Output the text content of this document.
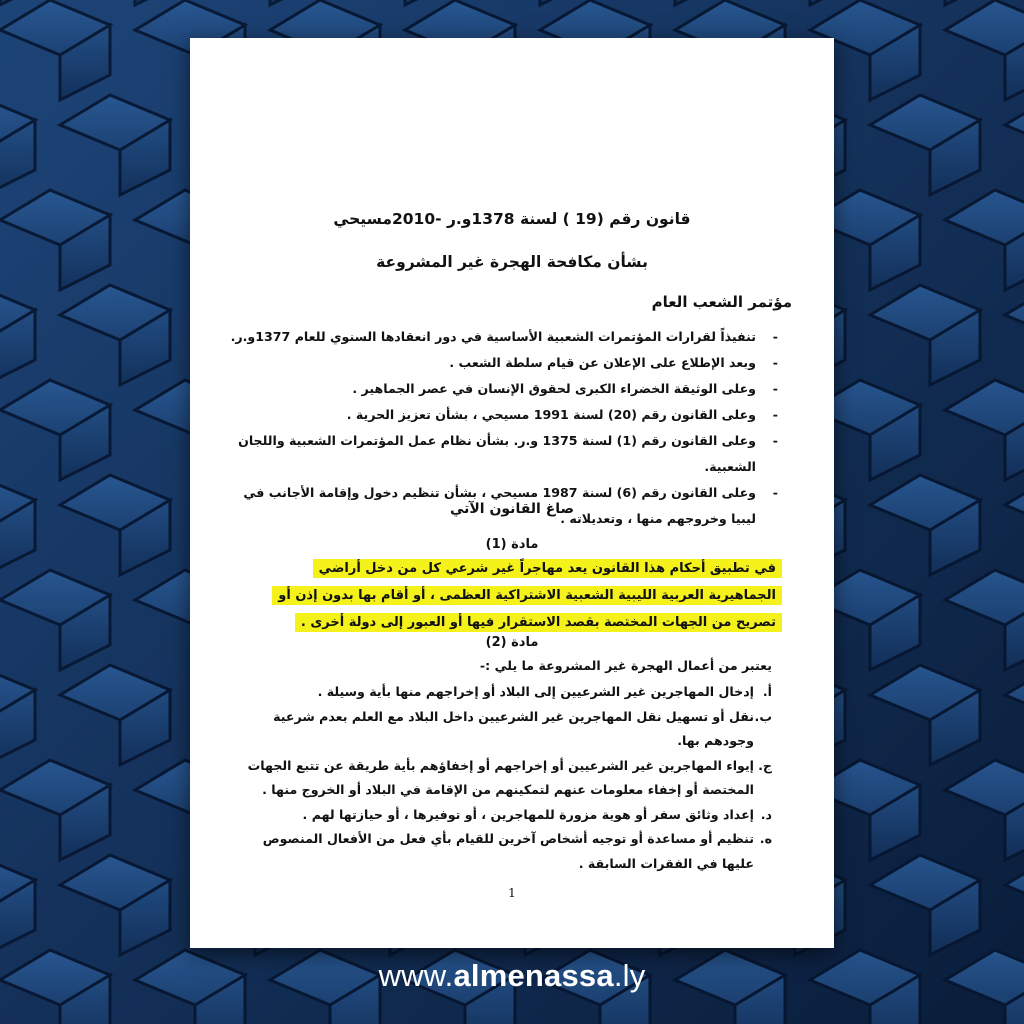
قانون رقم (19 ) لسنة 1378و.ر -2010مسيحي
بشأن مكافحة الهجرة غير المشروعة
مؤتمر الشعب العام
- تنفيذاً لقرارات المؤتمرات الشعبية الأساسية في دور انعقادها السنوي للعام 1377و.ر.
- وبعد الإطلاع على الإعلان عن قيام سلطة الشعب .
- وعلى الوثيقة الخضراء الكبرى لحقوق الإنسان في عصر الجماهير .
- وعلى القانون رقم (20) لسنة 1991 مسيحي ، بشأن تعزيز الحرية .
- وعلى القانون رقم (1) لسنة 1375 و.ر. بشأن نظام عمل المؤتمرات الشعبية واللجان الشعبية.
- وعلى القانون رقم (6) لسنة 1987 مسيحي ، بشأن تنظيم دخول وإقامة الأجانب في ليبيا وخروجهم منها ، وتعديلاته .
صاغ القانون الآتي
مادة (1)
في تطبيق أحكام هذا القانون يعد مهاجراً غير شرعي كل من دخل أراضي الجماهيرية العربية الليبية الشعبية الاشتراكية العظمى ، أو أقام بها بدون إذن أو تصريح من الجهات المختصة بقصد الاستقرار فيها أو العبور إلى دولة أخرى .
مادة (2)
يعتبر من أعمال الهجرة غير المشروعة ما يلي :-
أ.
إدخال المهاجرين غير الشرعيين إلى البلاد أو إخراجهم منها بأية وسيلة .
ب.
نقل أو تسهيل نقل المهاجرين غير الشرعيين داخل البلاد مع العلم بعدم شرعية وجودهم بها.
ج.
إيواء المهاجرين غير الشرعيين أو إخراجهم أو إخفاؤهم بأية طريقة عن تتبع الجهات المختصة أو إخفاء معلومات عنهم لتمكينهم من الإقامة في البلاد أو الخروج منها .
د.
إعداد وثائق سفر أو هوية مزورة للمهاجرين ، أو توفيرها ، أو حيازتها لهم .
ه.
تنظيم أو مساعدة أو توجيه أشخاص آخرين للقيام بأي فعل من الأفعال المنصوص عليها في الفقرات السابقة .
1
www.almenassa.ly
